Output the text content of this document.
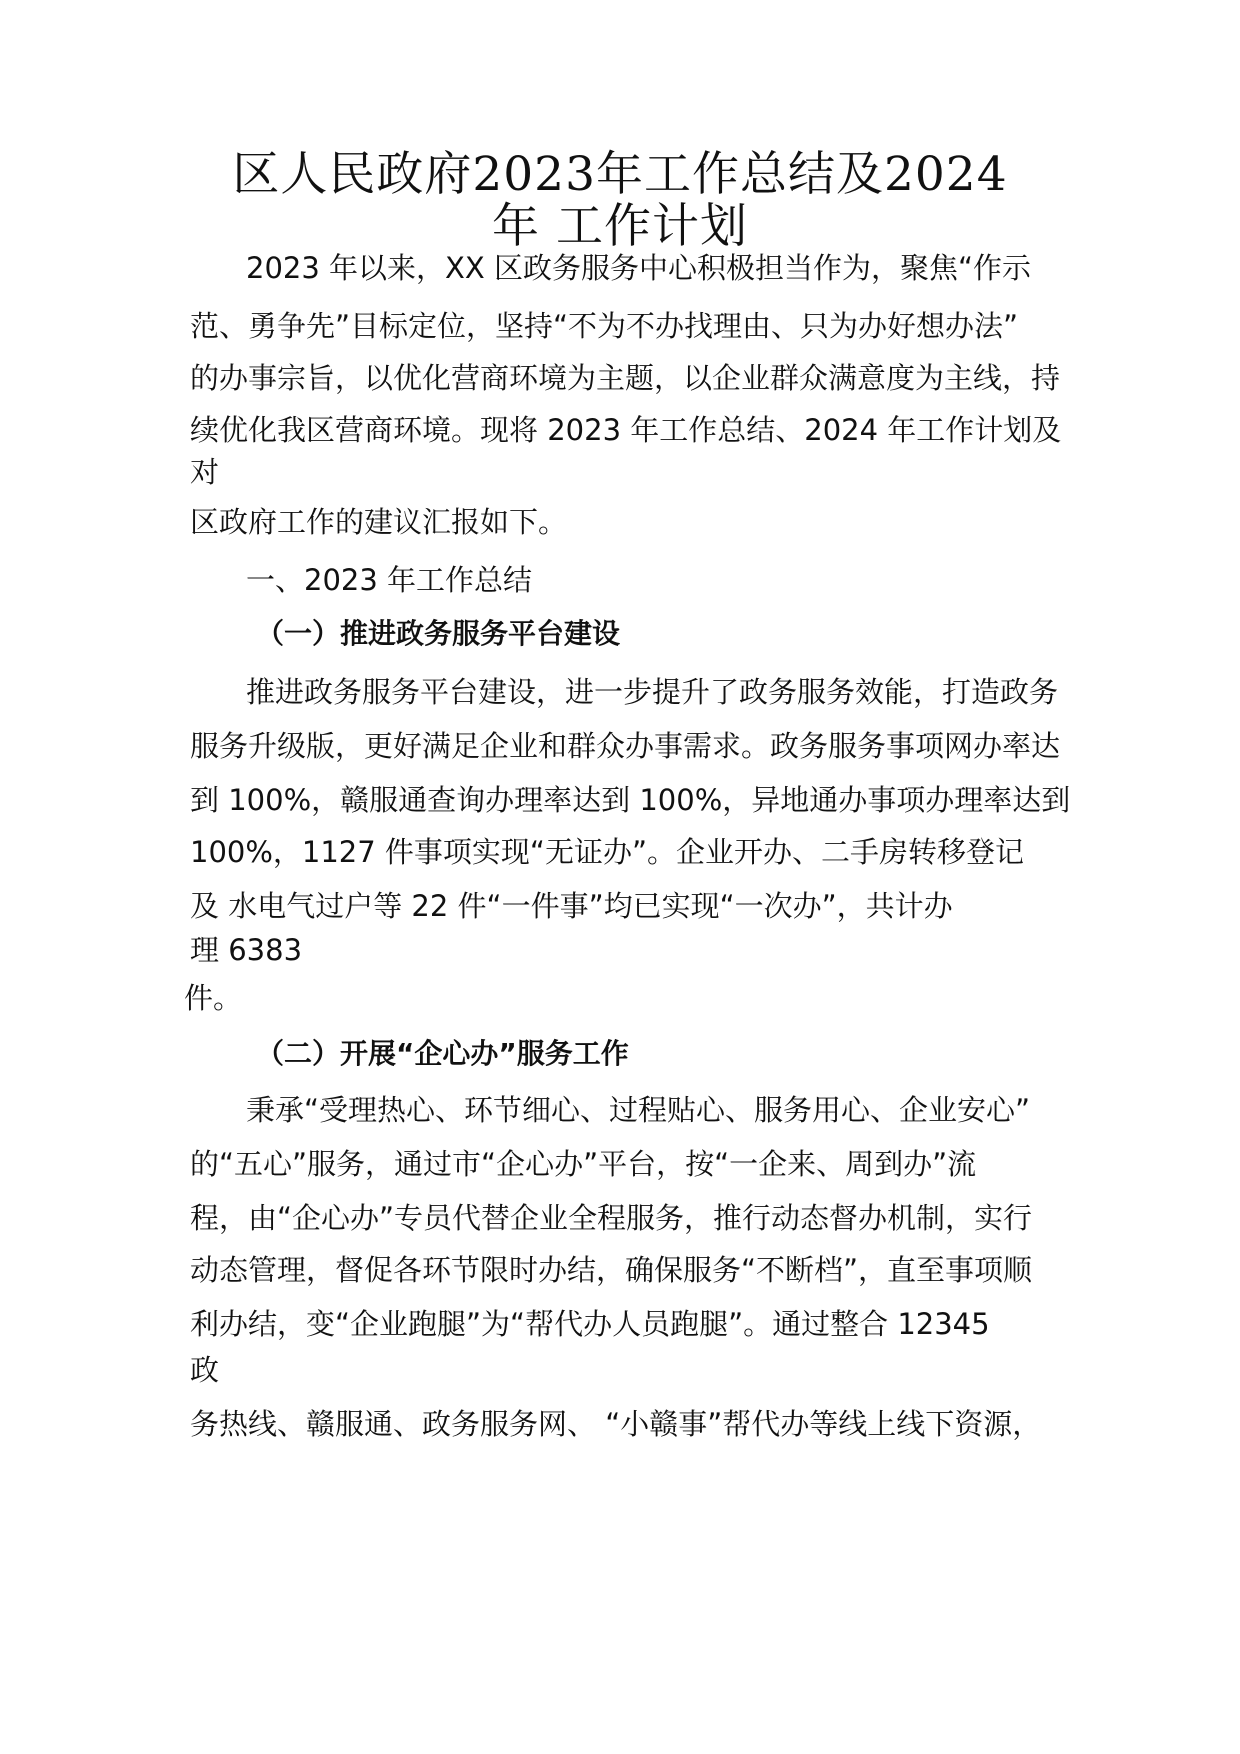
区人民政府2023年工作总结及2024
年 工作计划
2023 年以来，XX 区政务服务中心积极担当作为，聚焦“作示
范、勇争先”目标定位，坚持“不为不办找理由、只为办好想办法”
的办事宗旨，以优化营商环境为主题，以企业群众满意度为主线，持
续优化我区营商环境。现将 2023 年工作总结、2024 年工作计划及
对
区政府工作的建议汇报如下。
一、2023 年工作总结
（一）推进政务服务平台建设
推进政务服务平台建设，进一步提升了政务服务效能，打造政务
服务升级版，更好满足企业和群众办事需求。政务服务事项网办率达
到 100%，赣服通查询办理率达到 100%，异地通办事项办理率达到
100%，1127 件事项实现“无证办”。企业开办、二手房转移登记
及 水电气过户等 22 件“一件事”均已实现“一次办”，共计办
理 6383
件。
（二）开展“企心办”服务工作
秉承“受理热心、环节细心、过程贴心、服务用心、企业安心”
的“五心”服务，通过市“企心办”平台，按“一企来、周到办”流
程，由“企心办”专员代替企业全程服务，推行动态督办机制，实行
动态管理，督促各环节限时办结，确保服务“不断档”，直至事项顺
利办结，变“企业跑腿”为“帮代办人员跑腿”。通过整合 12345
政
务热线、赣服通、政务服务网、 “小赣事”帮代办等线上线下资源，
